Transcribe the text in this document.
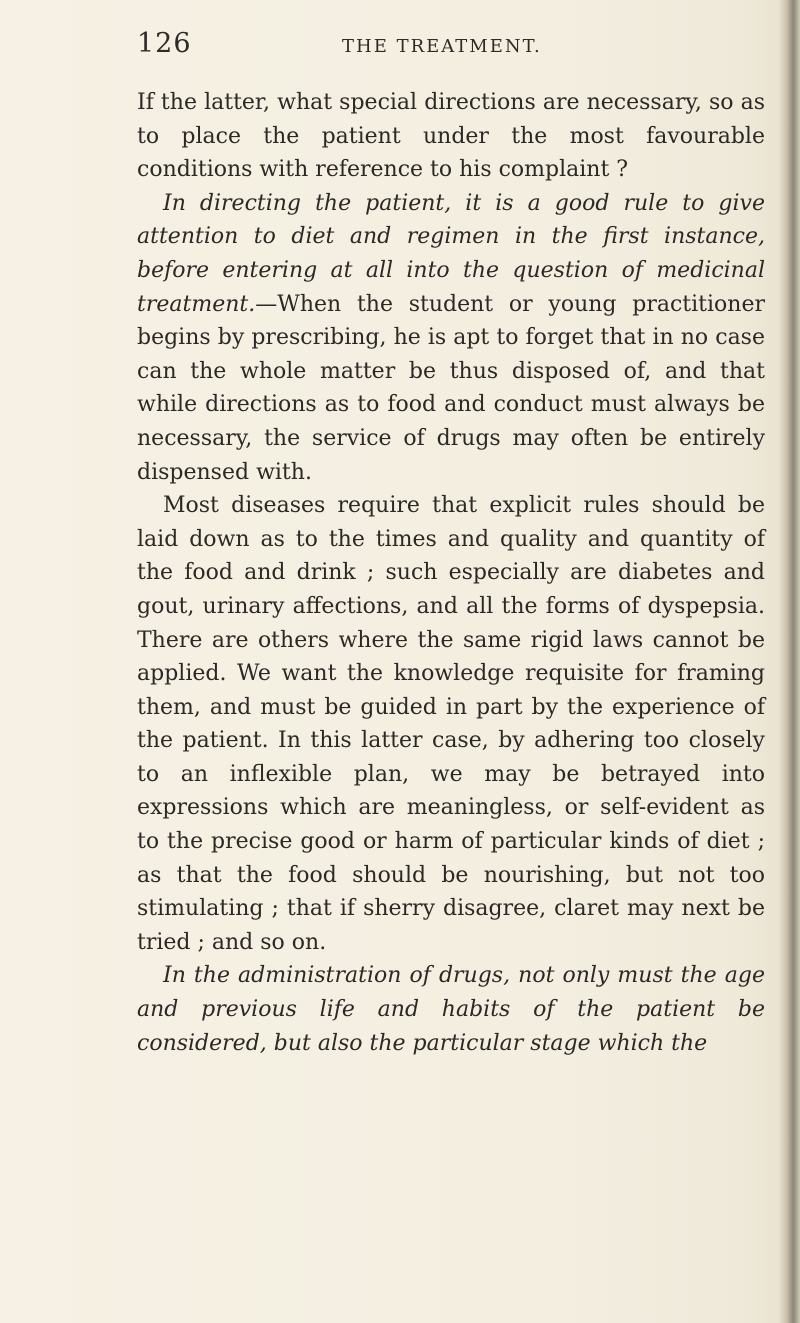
126	THE TREATMENT.

If the latter, what special directions are necessary, so as to place the patient under the most favourable conditions with reference to his complaint ?

In directing the patient, it is a good rule to give attention to diet and regimen in the first instance, before entering at all into the question of medicinal treatment.—When the student or young practitioner begins by prescribing, he is apt to forget that in no case can the whole matter be thus disposed of, and that while directions as to food and conduct must always be necessary, the service of drugs may often be entirely dispensed with.

Most diseases require that explicit rules should be laid down as to the times and quality and quantity of the food and drink ; such especially are diabetes and gout, urinary affections, and all the forms of dyspepsia. There are others where the same rigid laws cannot be applied. We want the knowledge requisite for framing them, and must be guided in part by the experience of the patient. In this latter case, by adhering too closely to an inflexible plan, we may be betrayed into expressions which are meaningless, or self-evident as to the precise good or harm of particular kinds of diet ; as that the food should be nourishing, but not too stimulating ; that if sherry disagree, claret may next be tried ; and so on.

In the administration of drugs, not only must the age and previous life and habits of the patient be considered, but also the particular stage which the
